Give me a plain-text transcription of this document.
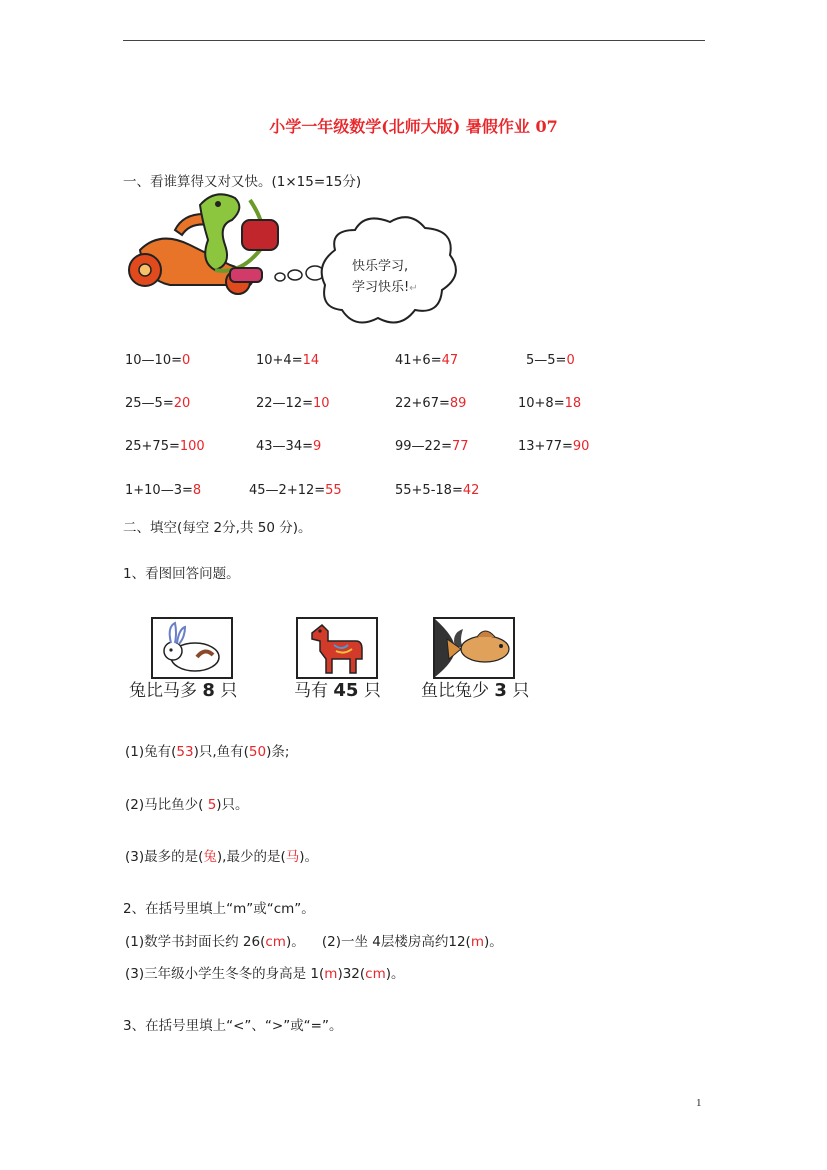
小学一年级数学(北师大版) 暑假作业 07
一、看谁算得又对又快。(1×15=15分)
快乐学习,
学习快乐!↵
10—10=0	10+4=14	41+6=47	5—5=0
25—5=20	22—12=10	22+67=89	10+8=18
25+75=100	43—34=9	99—22=77	13+77=90
1+10—3=8	45—2+12=55	55+5-18=42
二、填空(每空 2分,共 50 分)。
1、看图回答问题。
兔比马多 8 只	马有 45 只 鱼比兔少 3 只
(1)兔有(53)只,鱼有(50)条;
(2)马比鱼少( 5)只。
(3)最多的是(兔),最少的是(马)。
2、在括号里填上“m”或“cm”。
(1)数学书封面长约 26(cm)。    (2)一坐 4层楼房高约12(m)。
(3)三年级小学生冬冬的身高是 1(m)32(cm)。
3、在括号里填上“<”、“>”或“=”。
1
